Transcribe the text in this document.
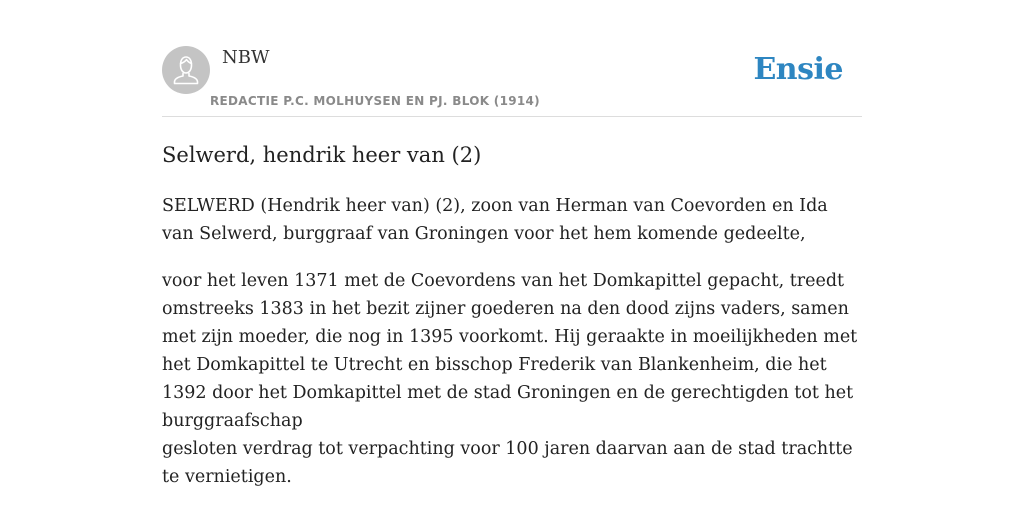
NBW

REDACTIE P.C. MOLHUYSEN EN PJ. BLOK (1914)

Ensie
Selwerd, hendrik heer van (2)

SELWERD (Hendrik heer van) (2), zoon van Herman van Coevorden en Ida van Selwerd, burggraaf van Groningen voor het hem komende gedeelte,

voor het leven 1371 met de Coevordens van het Domkapittel gepacht, treedt omstreeks 1383 in het bezit zijner goederen na den dood zijns vaders, samen met zijn moeder, die nog in 1395 voorkomt. Hij geraakte in moeilijkheden met het Domkapittel te Utrecht en bisschop Frederik van Blankenheim, die het 1392 door het Domkapittel met de stad Groningen en de gerechtigden tot het burggraafschap

gesloten verdrag tot verpachting voor 100 jaren daarvan aan de stad trachtte te vernietigen.
